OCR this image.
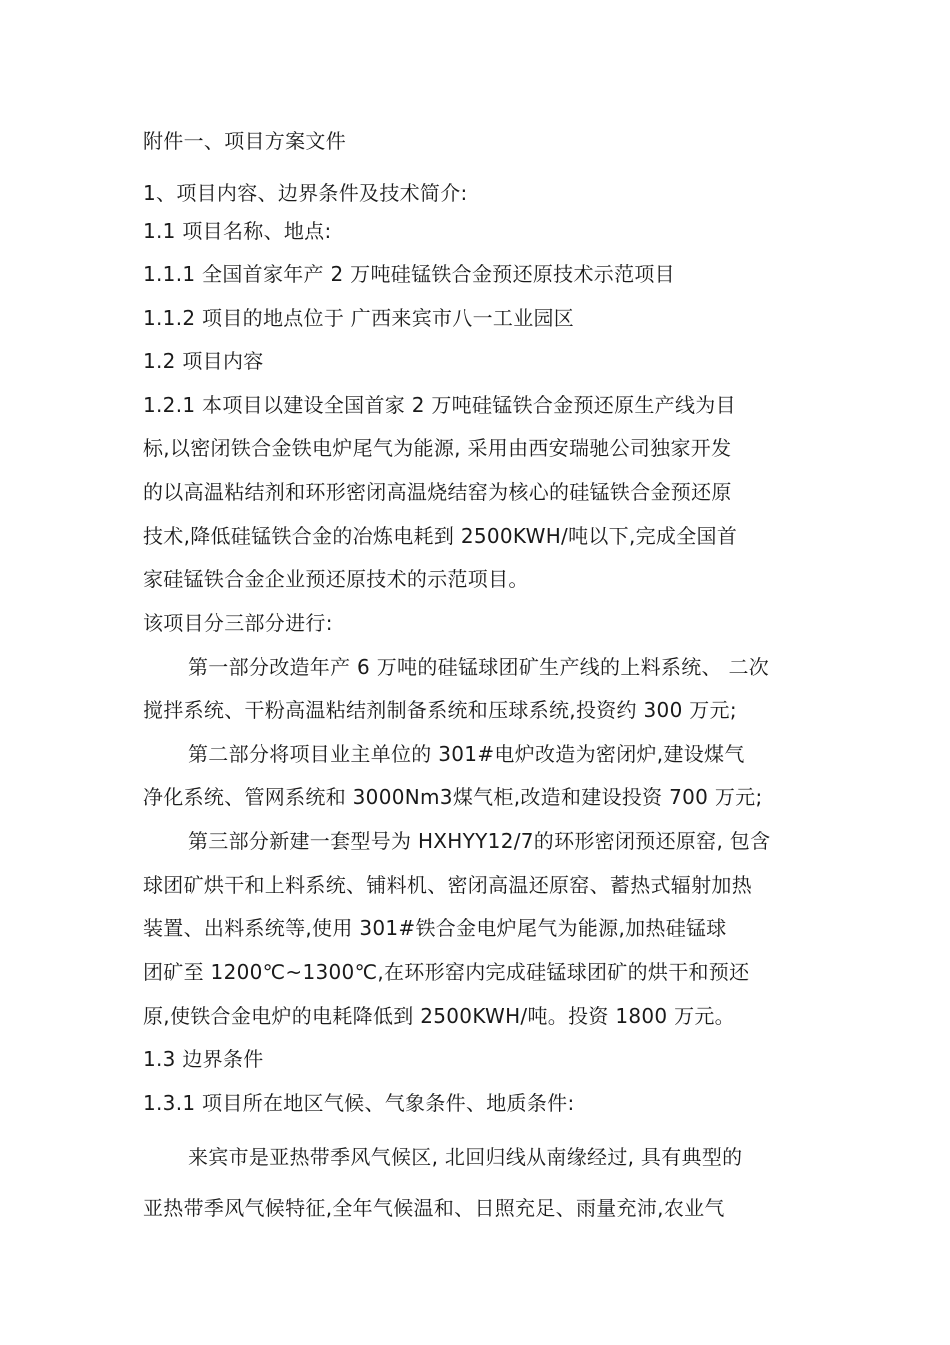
附件一、项目方案文件
1、项目内容、边界条件及技术简介:
1.1 项目名称、地点:
1.1.1 全国首家年产 2 万吨硅锰铁合金预还原技术示范项目
1.1.2 项目的地点位于 广西来宾市八一工业园区
1.2 项目内容
1.2.1 本项目以建设全国首家 2 万吨硅锰铁合金预还原生产线为目
标,以密闭铁合金铁电炉尾气为能源, 采用由西安瑞驰公司独家开发
的以高温粘结剂和环形密闭高温烧结窑为核心的硅锰铁合金预还原
技术,降低硅锰铁合金的冶炼电耗到 2500KWH/吨以下,完成全国首
家硅锰铁合金企业预还原技术的示范项目。
该项目分三部分进行:
第一部分改造年产 6 万吨的硅锰球团矿生产线的上料系统、 二次
搅拌系统、干粉高温粘结剂制备系统和压球系统,投资约 300 万元;
第二部分将项目业主单位的 301#电炉改造为密闭炉,建设煤气
净化系统、管网系统和 3000Nm3煤气柜,改造和建设投资 700 万元;
第三部分新建一套型号为 HXHYY12/7的环形密闭预还原窑, 包含
球团矿烘干和上料系统、铺料机、密闭高温还原窑、蓄热式辐射加热
装置、出料系统等,使用 301#铁合金电炉尾气为能源,加热硅锰球
团矿至 1200℃~1300℃,在环形窑内完成硅锰球团矿的烘干和预还
原,使铁合金电炉的电耗降低到 2500KWH/吨。投资 1800 万元。
1.3 边界条件
1.3.1 项目所在地区气候、气象条件、地质条件:
来宾市是亚热带季风气候区, 北回归线从南缘经过, 具有典型的
亚热带季风气候特征,全年气候温和、日照充足、雨量充沛,农业气
